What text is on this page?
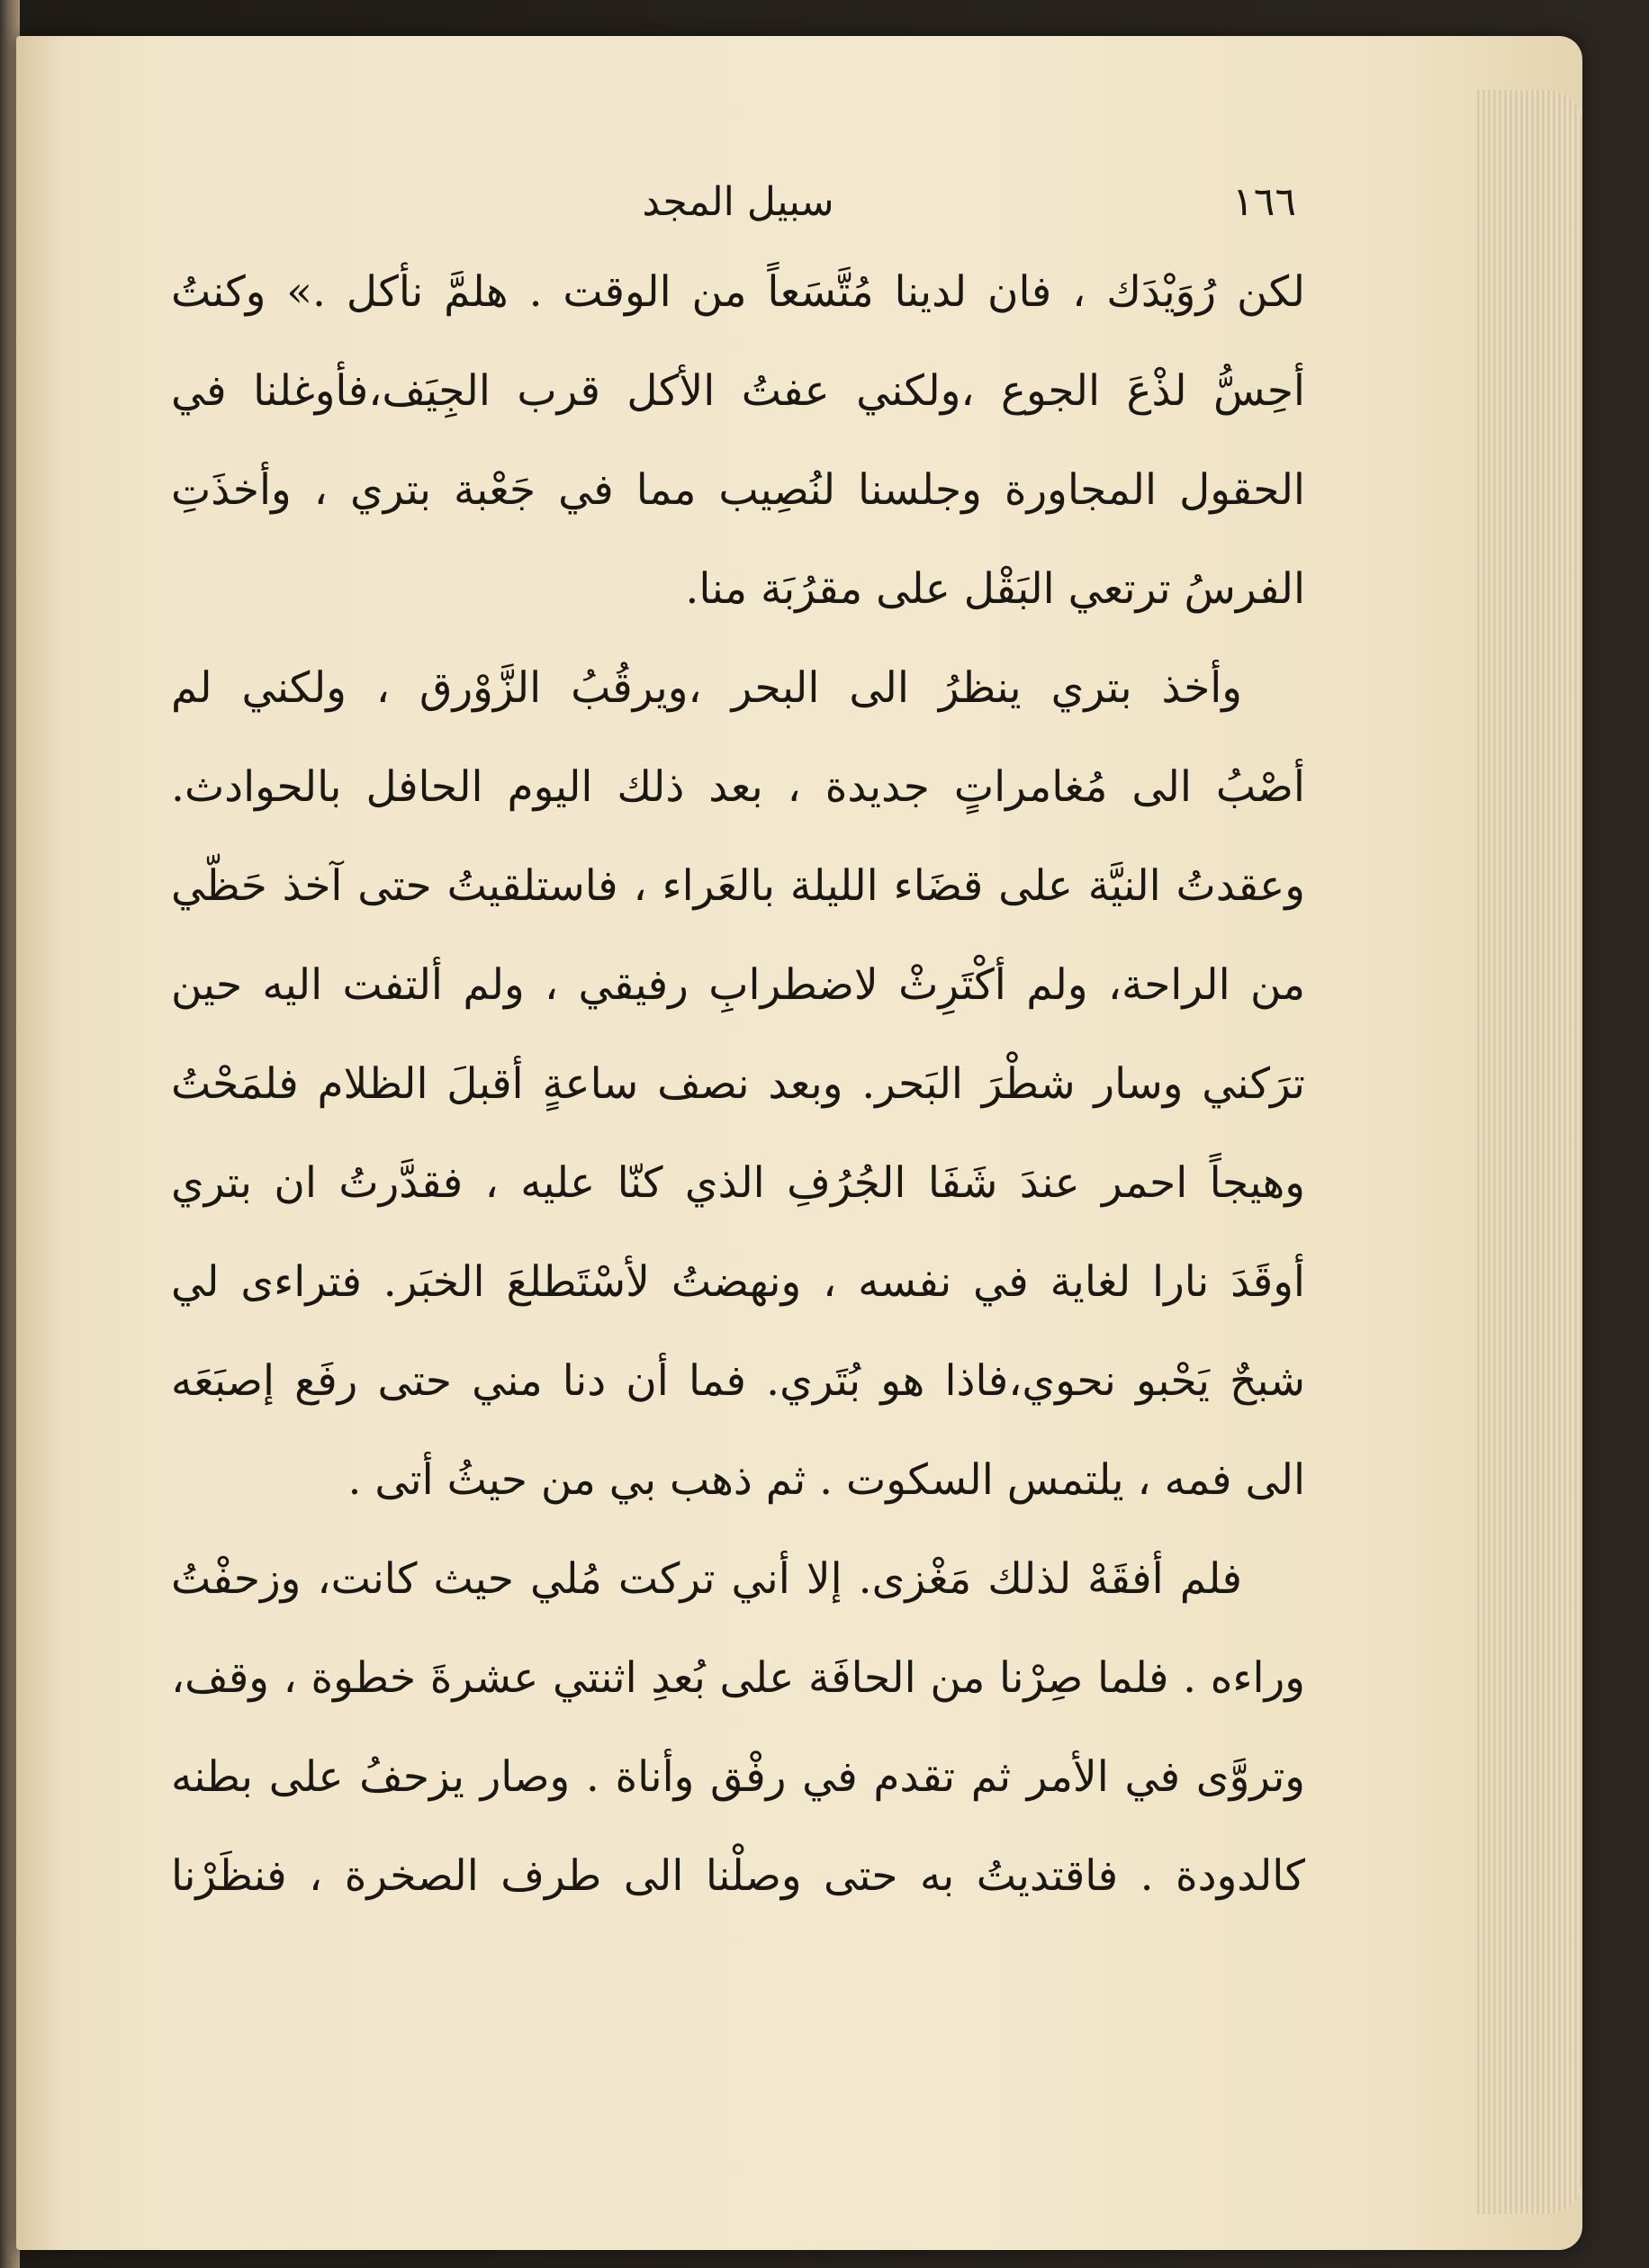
١٦٦
سبيل المجد
لكن رُوَيْدَك ، فان لدينا مُتَّسَعاً من الوقت . هلمَّ نأكل .» وكنتُ
أحِسُّ لذْعَ الجوع ،ولكني عفتُ الأكل قرب الجِيَف،فأوغلنا في
الحقول المجاورة وجلسنا لنُصِيب مما في جَعْبة بتري ، وأخذَتِ
الفرسُ ترتعي البَقْل على مقرُبَة منا.
وأخذ بتري ينظرُ الى البحر ،ويرقُبُ الزَّوْرق ، ولكني لم
أصْبُ الى مُغامراتٍ جديدة ، بعد ذلك اليوم الحافل بالحوادث.
وعقدتُ النيَّة على قضَاء الليلة بالعَراء ، فاستلقيتُ حتى آخذ حَظّي
من الراحة، ولم أكْتَرِثْ لاضطرابِ رفيقي ، ولم ألتفت اليه حين
ترَكني وسار شطْرَ البَحر. وبعد نصف ساعةٍ أقبلَ الظلام فلمَحْتُ
وهيجاً احمر عندَ شَفَا الجُرُفِ الذي كنّا عليه ، فقدَّرتُ ان بتري
أوقَدَ نارا لغاية في نفسه ، ونهضتُ لأسْتَطلعَ الخبَر. فتراءى لي
شبحٌ يَحْبو نحوي،فاذا هو بُتَري. فما أن دنا مني حتى رفَع إصبَعَه
الى فمه ، يلتمس السكوت . ثم ذهب بي من حيثُ أتى .
فلم أفقَهْ لذلك مَغْزى. إلا أني تركت مُلي حيث كانت، وزحفْتُ
وراءه . فلما صِرْنا من الحافَة على بُعدِ اثنتي عشرةَ خطوة ، وقف،
وتروَّى في الأمر ثم تقدم في رفْق وأناة . وصار يزحفُ على بطنه
كالدودة . فاقتديتُ به حتى وصلْنا الى طرف الصخرة ، فنظَرْنا
